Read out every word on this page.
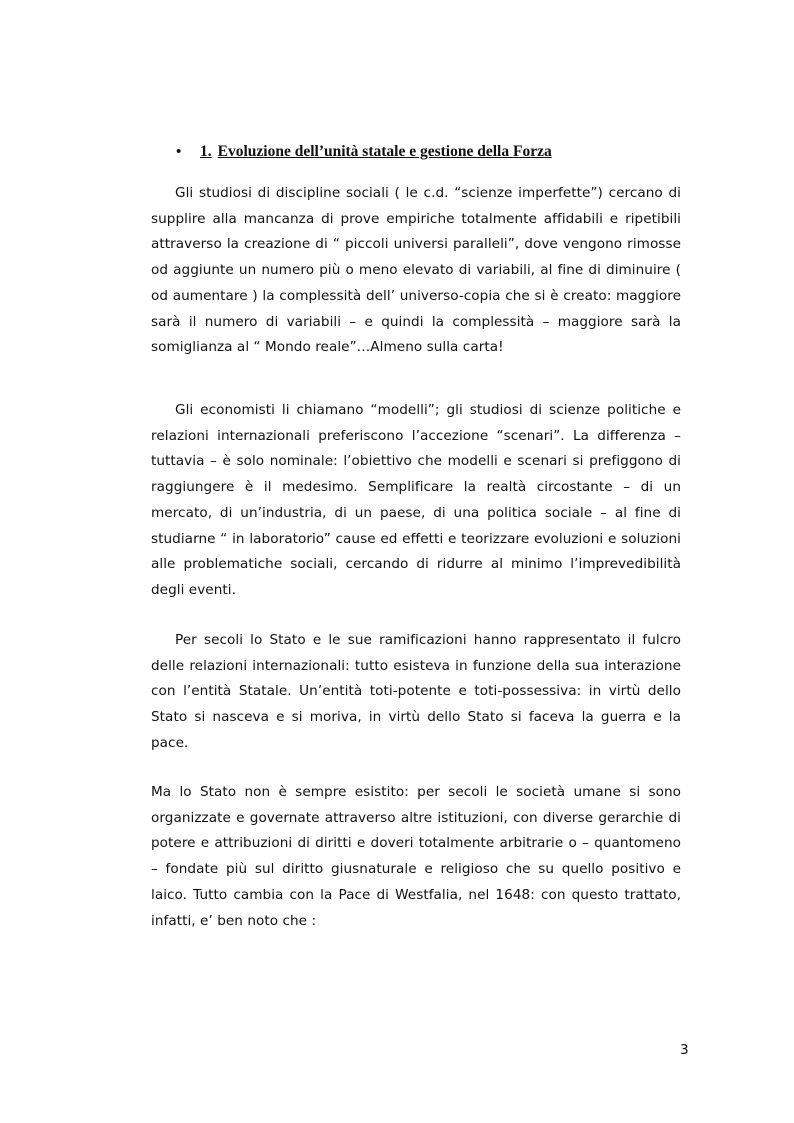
• 1. Evoluzione dell’unità statale e gestione della Forza

Gli studiosi di discipline sociali ( le c.d. “scienze imperfette”) cercano di supplire alla mancanza di prove empiriche totalmente affidabili e ripetibili attraverso la creazione di “ piccoli universi paralleli”, dove vengono rimosse od aggiunte un numero più o meno elevato di variabili, al fine di diminuire ( od aumentare ) la complessità dell’ universo-copia che si è creato: maggiore sarà il numero di variabili – e quindi la complessità – maggiore sarà la somiglianza al “ Mondo reale”…Almeno sulla carta!

Gli economisti li chiamano “modelli”; gli studiosi di scienze politiche e relazioni internazionali preferiscono l’accezione “scenari”. La differenza – tuttavia – è solo nominale: l’obiettivo che modelli e scenari si prefiggono di raggiungere è il medesimo. Semplificare la realtà circostante – di un mercato, di un’industria, di un paese, di una politica sociale – al fine di studiarne “ in laboratorio” cause ed effetti e teorizzare evoluzioni e soluzioni alle problematiche sociali, cercando di ridurre al minimo l’imprevedibilità degli eventi.

Per secoli lo Stato e le sue ramificazioni hanno rappresentato il fulcro delle relazioni internazionali: tutto esisteva in funzione della sua interazione con l’entità Statale. Un’entità toti-potente e toti-possessiva: in virtù dello Stato si nasceva e si moriva, in virtù dello Stato si faceva la guerra e la pace.

Ma lo Stato non è sempre esistito: per secoli le società umane si sono organizzate e governate attraverso altre istituzioni, con diverse gerarchie di potere e attribuzioni di diritti e doveri totalmente arbitrarie o – quantomeno – fondate più sul diritto giusnaturale e religioso che su quello positivo e laico. Tutto cambia con la Pace di Westfalia, nel 1648: con questo trattato, infatti, e’ ben noto che :

3
